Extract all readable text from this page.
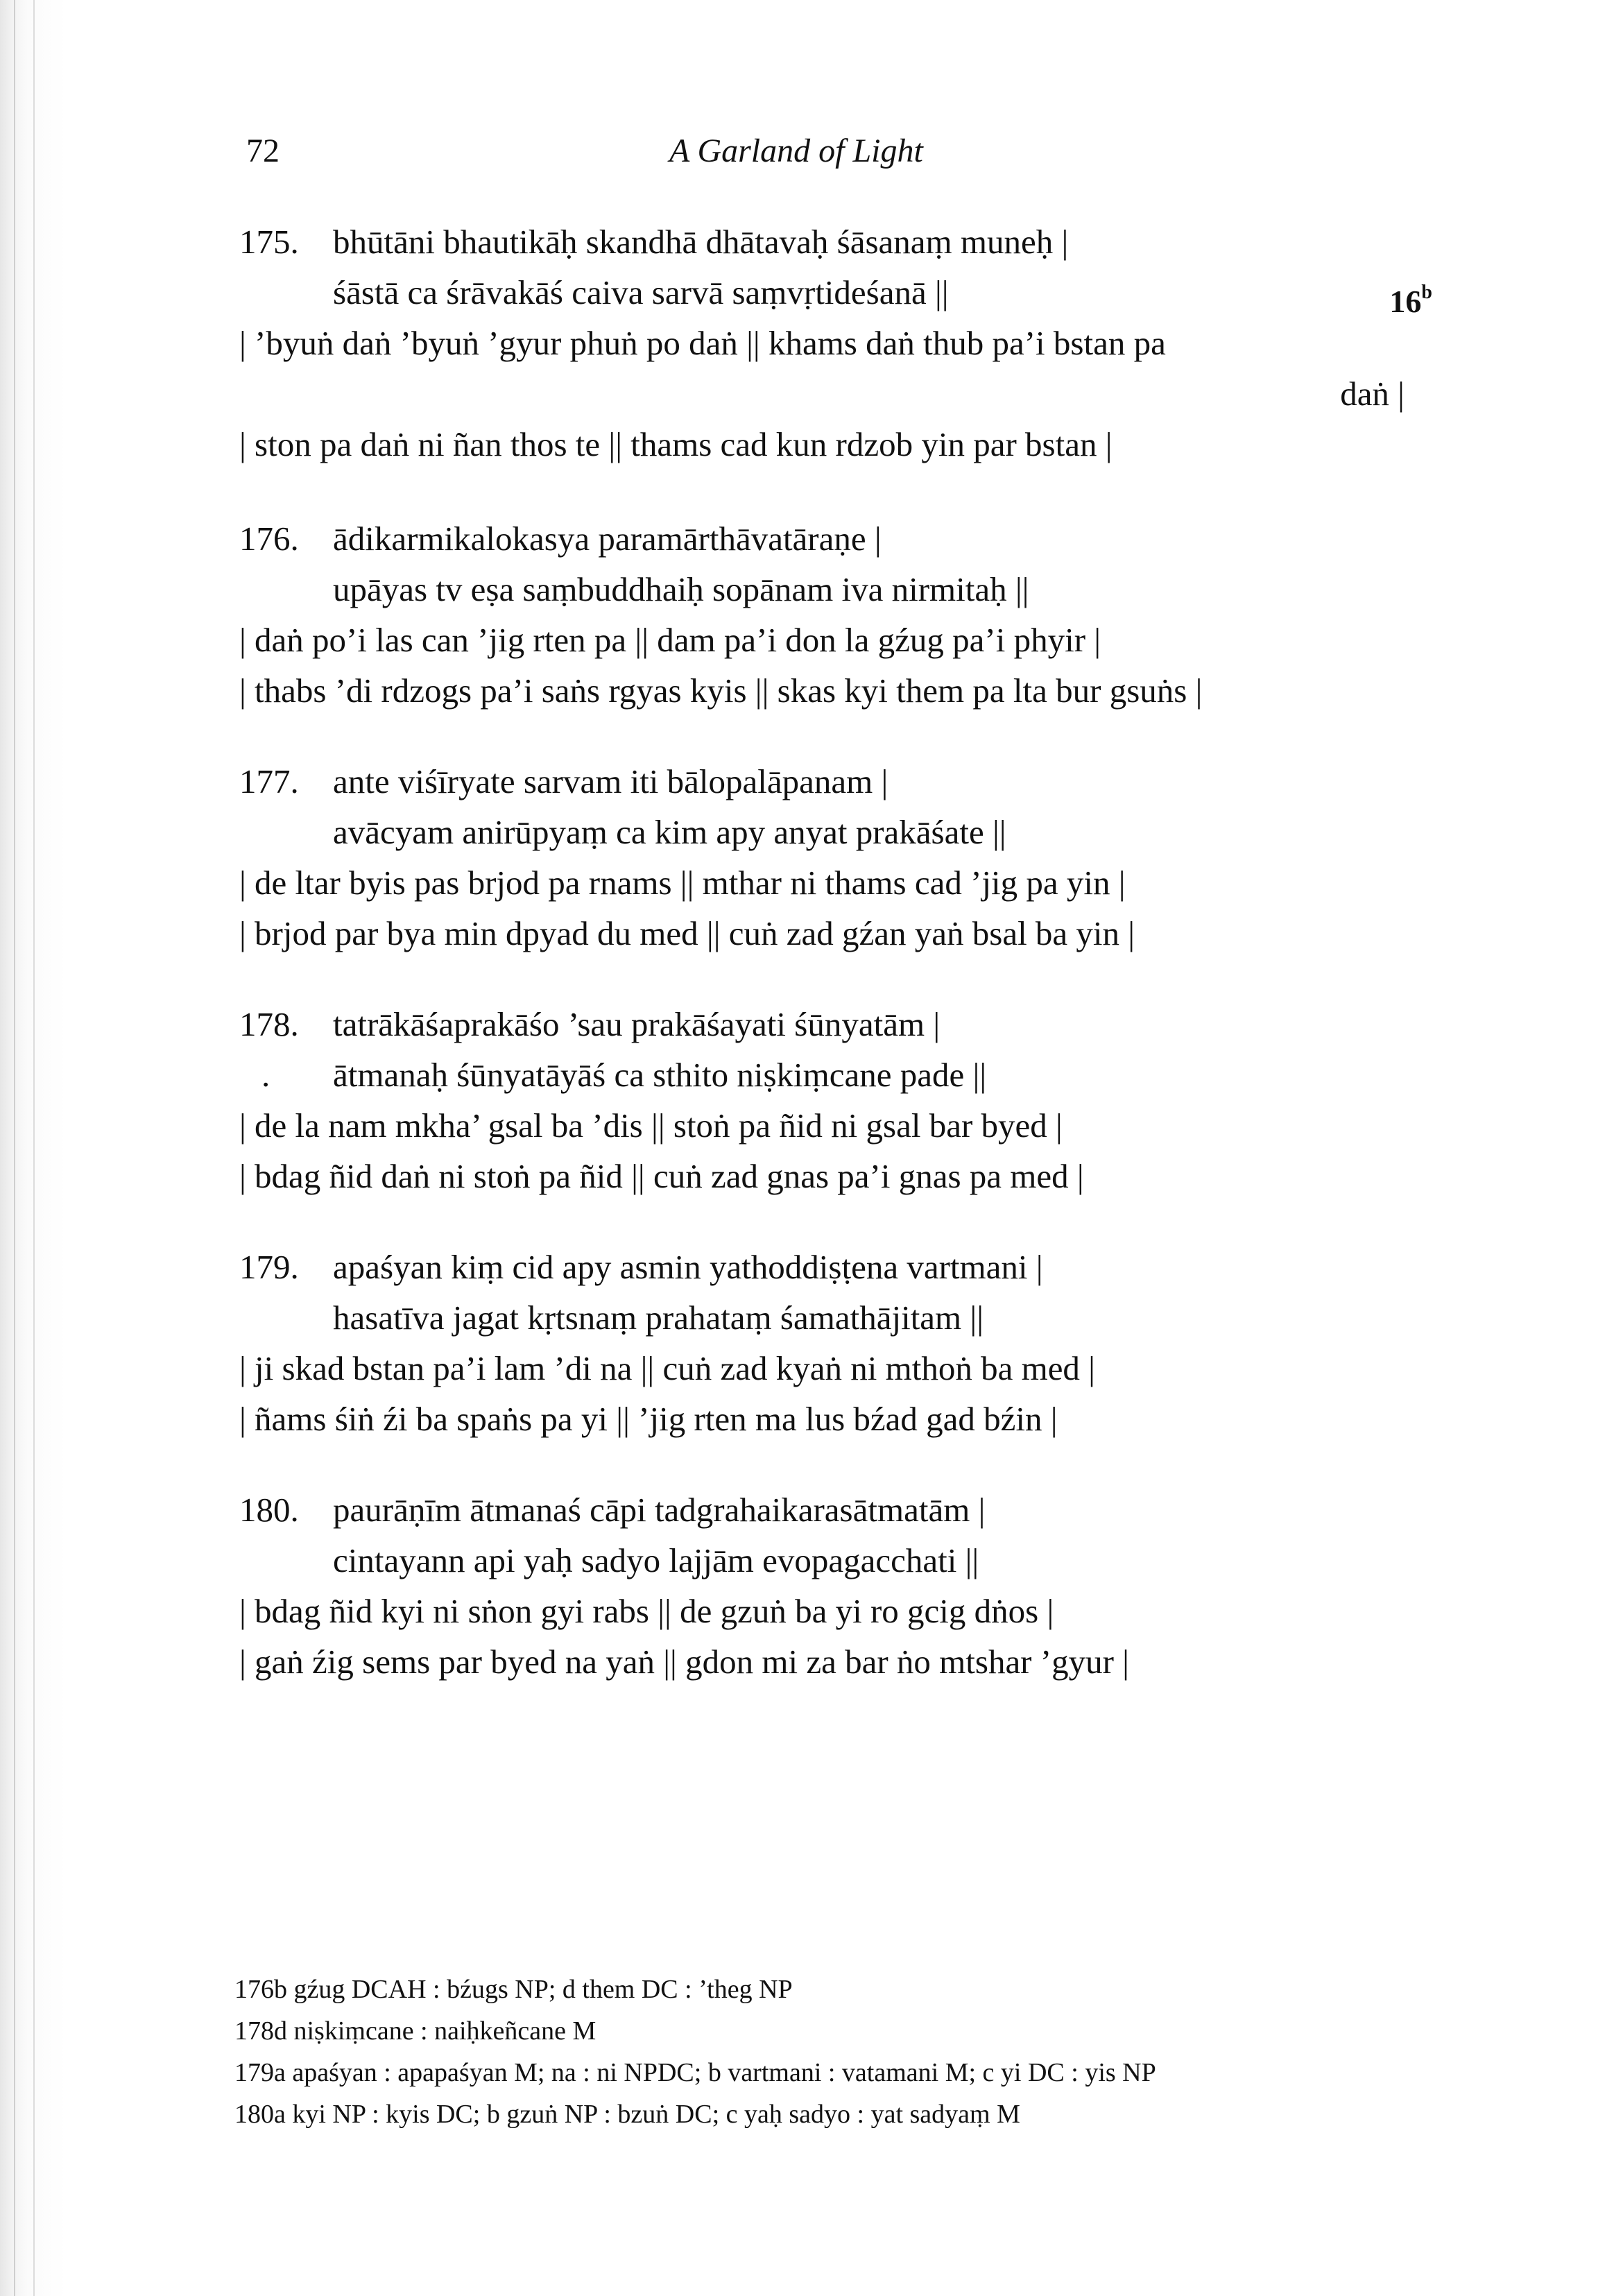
72	A Garland of Light
175. bhūtāni bhautikāḥ skandhā dhātavaḥ śāsanaṃ muneḥ |
śāstā ca śrāvakāś caiva sarvā saṃvṛtideśanā ||	16$^b$
| ’byuṅ daṅ ’byuṅ ’gyur phuṅ po daṅ || khams daṅ thub pa’i bstan pa
daṅ |
| ston pa daṅ ni ñan thos te || thams cad kun rdzob yin par bstan |
176. ādikarmikalokasya paramārthāvatāraṇe |
upāyas tv eṣa saṃbuddhaiḥ sopānam iva nirmitaḥ ||
| daṅ po’i las can ’jig rten pa || dam pa’i don la gźug pa’i phyir |
| thabs ’di rdzogs pa’i saṅs rgyas kyis || skas kyi them pa lta bur gsuṅs |
177. ante viśīryate sarvam iti bālopalāpanam |
avācyam anirūpyaṃ ca kim apy anyat prakāśate ||
| de ltar byis pas brjod pa rnams || mthar ni thams cad ’jig pa yin |
| brjod par bya min dpyad du med || cuṅ zad gźan yaṅ bsal ba yin |
178. tatrākāśaprakāśo ’sau prakāśayati śūnyatām |
. ātmanaḥ śūnyatāyāś ca sthito niṣkiṃcane pade ||
| de la nam mkha’ gsal ba ’dis || stoṅ pa ñid ni gsal bar byed |
| bdag ñid daṅ ni stoṅ pa ñid || cuṅ zad gnas pa’i gnas pa med |
179. apaśyan kiṃ cid apy asmin yathoddiṣṭena vartmani |
hasatīva jagat kṛtsnaṃ prahataṃ śamathājitam ||
| ji skad bstan pa’i lam ’di na || cuṅ zad kyaṅ ni mthoṅ ba med |
| ñams śiṅ źi ba spaṅs pa yi || ’jig rten ma lus bźad gad bźin |
180. paurāṇīm ātmanaś cāpi tadgrahaikarasātmatām |
cintayann api yaḥ sadyo lajjām evopagacchati ||
| bdag ñid kyi ni sṅon gyi rabs || de gzuṅ ba yi ro gcig dṅos |
| gaṅ źig sems par byed na yaṅ || gdon mi za bar ṅo mtshar ’gyur |
176b gźug DCAH : bźugs NP; d them DC : ’theg NP
178d niṣkiṃcane : naiḥkeñcane M
179a apaśyan : apapaśyan M; na : ni NPDC; b vartmani : vatamani M; c yi DC : yis NP
180a kyi NP : kyis DC; b gzuṅ NP : bzuṅ DC; c yaḥ sadyo : yat sadyaṃ M
